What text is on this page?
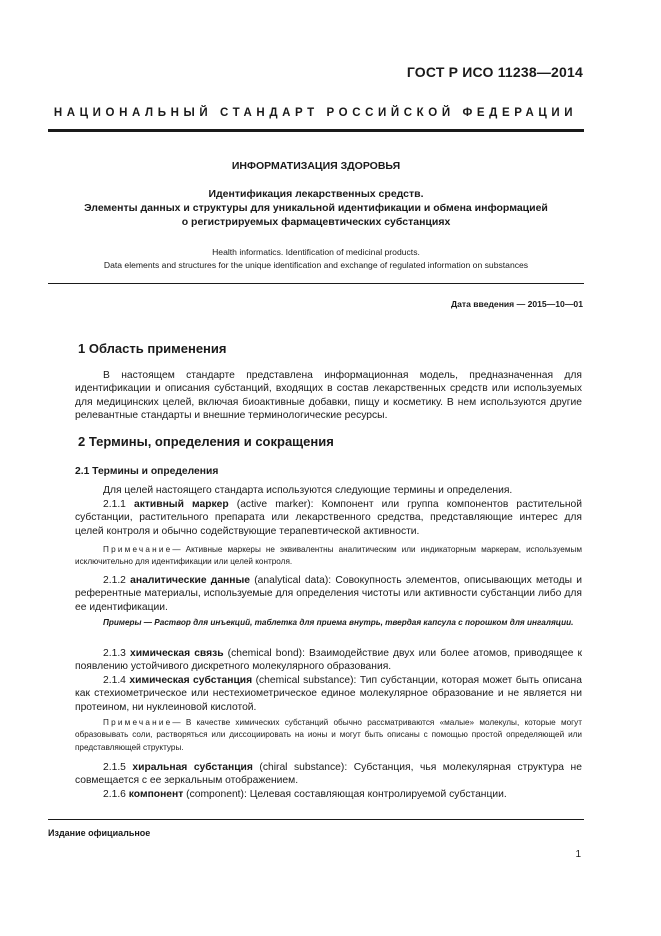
ГОСТ Р ИСО 11238—2014
НАЦИОНАЛЬНЫЙ СТАНДАРТ РОССИЙСКОЙ ФЕДЕРАЦИИ
ИНФОРМАТИЗАЦИЯ ЗДОРОВЬЯ
Идентификация лекарственных средств.
Элементы данных и структуры для уникальной идентификации и обмена информацией
о регистрируемых фармацевтических субстанциях
Health informatics. Identification of medicinal products.
Data elements and structures for the unique identification and exchange of regulated information on substances
Дата введения — 2015—10—01
1 Область применения
В настоящем стандарте представлена информационная модель, предназначенная для идентификации и описания субстанций, входящих в состав лекарственных средств или используемых для медицинских целей, включая биоактивные добавки, пищу и косметику. В нем используются другие релевантные стандарты и внешние терминологические ресурсы.
2 Термины, определения и сокращения
2.1 Термины и определения
Для целей настоящего стандарта используются следующие термины и определения.
2.1.1 активный маркер (active marker): Компонент или группа компонентов растительной субстанции, растительного препарата или лекарственного средства, представляющие интерес для целей контроля и обычно содействующие терапевтической активности.
Примечание— Активные маркеры не эквивалентны аналитическим или индикаторным маркерам, используемым исключительно для идентификации или целей контроля.
2.1.2 аналитические данные (analytical data): Совокупность элементов, описывающих методы и референтные материалы, используемые для определения чистоты или активности субстанции либо для ее идентификации.
Примеры — Раствор для инъекций, таблетка для приема внутрь, твердая капсула с порошком для ингаляции.
2.1.3 химическая связь (chemical bond): Взаимодействие двух или более атомов, приводящее к появлению устойчивого дискретного молекулярного образования.
2.1.4 химическая субстанция (chemical substance): Тип субстанции, которая может быть описана как стехиометрическое или нестехиометрическое единое молекулярное образование и не является ни протеином, ни нуклеиновой кислотой.
Примечание— В качестве химических субстанций обычно рассматриваются «малые» молекулы, которые могут образовывать соли, растворяться или диссоциировать на ионы и могут быть описаны с помощью простой определяющей или представляющей структуры.
2.1.5 хиральная субстанция (chiral substance): Субстанция, чья молекулярная структура не совмещается с ее зеркальным отображением.
2.1.6 компонент (component): Целевая составляющая контролируемой субстанции.
Издание официальное
1
